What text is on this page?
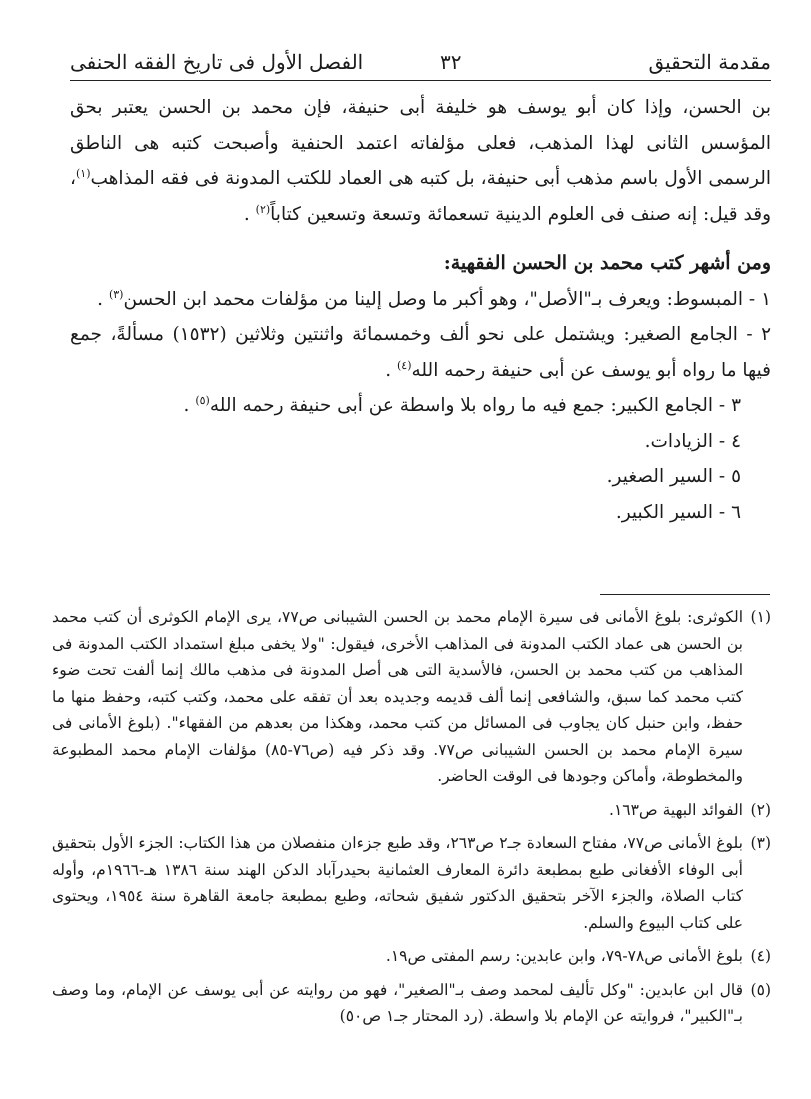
مقدمة التحقيق
٣٢
الفصل الأول فى تاريخ الفقه الحنفى

بن الحسن، وإذا كان أبو يوسف هو خليفة أبى حنيفة، فإن محمد بن الحسن يعتبر بحق المؤسس الثانى لهذا المذهب، فعلى مؤلفاته اعتمد الحنفية وأصبحت كتبه هى الناطق الرسمى الأول باسم مذهب أبى حنيفة، بل كتبه هى العماد للكتب المدونة فى فقه المذاهب$^{(١)}$، وقد قيل: إنه صنف فى العلوم الدينية تسعمائة وتسعة وتسعين كتاباً$^{(٢)}$ .

ومن أشهر كتب محمد بن الحسن الفقهية:

١ - المبسوط: ويعرف بـ"الأصل"، وهو أكبر ما وصل إلينا من مؤلفات محمد ابن الحسن$^{(٣)}$ .

٢ - الجامع الصغير: ويشتمل على نحو ألف وخمسمائة واثنتين وثلاثين (١٥٣٢) مسألةً، جمع فيها ما رواه أبو يوسف عن أبى حنيفة رحمه الله$^{(٤)}$ .

٣ - الجامع الكبير: جمع فيه ما رواه بلا واسطة عن أبى حنيفة رحمه الله$^{(٥)}$ .

٤ - الزيادات.

٥ - السير الصغير.

٦ - السير الكبير.

(١)
الكوثرى: بلوغ الأمانى فى سيرة الإمام محمد بن الحسن الشيبانى ص٧٧، يرى الإمام الكوثرى أن كتب محمد بن الحسن هى عماد الكتب المدونة فى المذاهب الأخرى، فيقول: "ولا يخفى مبلغ استمداد الكتب المدونة فى المذاهب من كتب محمد بن الحسن، فالأسدية التى هى أصل المدونة فى مذهب مالك إنما ألفت تحت ضوء كتب محمد كما سبق، والشافعى إنما ألف قديمه وجديده بعد أن تفقه على محمد، وكتب كتبه، وحفظ منها ما حفظ، وابن حنبل كان يجاوب فى المسائل من كتب محمد، وهكذا من بعدهم من الفقهاء". (بلوغ الأمانى فى سيرة الإمام محمد بن الحسن الشيبانى ص٧٧. وقد ذكر فيه (ص٧٦-٨٥) مؤلفات الإمام محمد المطبوعة والمخطوطة، وأماكن وجودها فى الوقت الحاضر.

(٢)
الفوائد البهية ص١٦٣.

(٣)
بلوغ الأمانى ص٧٧، مفتاح السعادة جـ٢ ص٢٦٣، وقد طبع جزءان منفصلان من هذا الكتاب: الجزء الأول بتحقيق أبى الوفاء الأفغانى طبع بمطبعة دائرة المعارف العثمانية بحيدرآباد الدكن الهند سنة ١٣٨٦ هـ-١٩٦٦م، وأوله كتاب الصلاة، والجزء الآخر بتحقيق الدكتور شفيق شحاته، وطبع بمطبعة جامعة القاهرة سنة ١٩٥٤، ويحتوى على كتاب البيوع والسلم.

(٤)
بلوغ الأمانى ص٧٨-٧٩، وابن عابدين: رسم المفتى ص١٩.

(٥)
قال ابن عابدين: "وكل تأليف لمحمد وصف بـ"الصغير"، فهو من روايته عن أبى يوسف عن الإمام، وما وصف بـ"الكبير"، فروايته عن الإمام بلا واسطة. (رد المحتار جـ١ ص٥٠)
